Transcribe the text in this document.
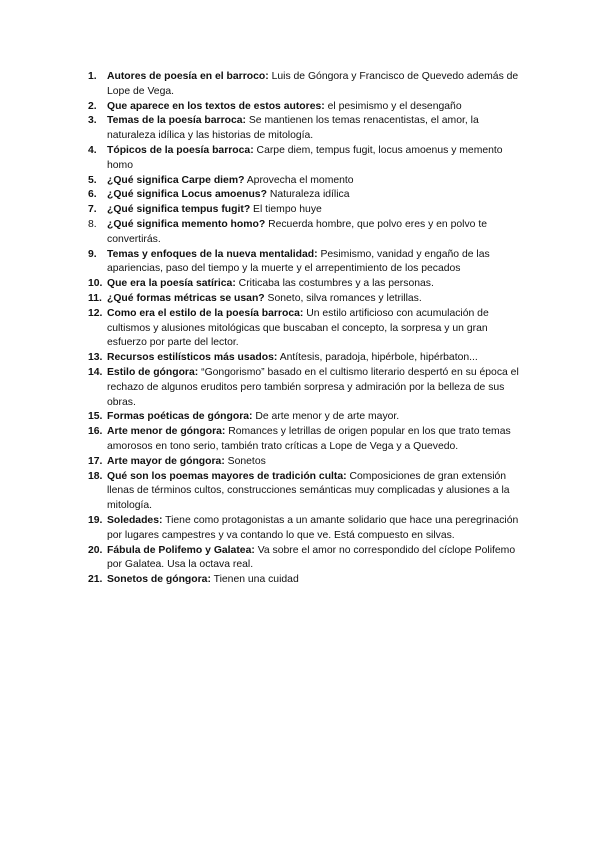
1. Autores de poesía en el barroco: Luis de Góngora y Francisco de Quevedo además de Lope de Vega.
2. Que aparece en los textos de estos autores: el pesimismo y el desengaño
3. Temas de la poesía barroca: Se mantienen los temas renacentistas, el amor, la naturaleza idílica y las historias de mitología.
4. Tópicos de la poesía barroca: Carpe diem, tempus fugit, locus amoenus y memento homo
5. ¿Qué significa Carpe diem? Aprovecha el momento
6. ¿Qué significa Locus amoenus? Naturaleza idílica
7. ¿Qué significa tempus fugit? El tiempo huye
8. ¿Qué significa memento homo? Recuerda hombre, que polvo eres y en polvo te convertirás.
9. Temas y enfoques de la nueva mentalidad: Pesimismo, vanidad y engaño de las apariencias, paso del tiempo y la muerte y el arrepentimiento de los pecados
10. Que era la poesía satírica: Criticaba las costumbres y a las personas.
11. ¿Qué formas métricas se usan? Soneto, silva romances y letrillas.
12. Como era el estilo de la poesía barroca: Un estilo artificioso con acumulación de cultismos y alusiones mitológicas que buscaban el concepto, la sorpresa y un gran esfuerzo por parte del lector.
13. Recursos estilísticos más usados: Antítesis, paradoja, hipérbole, hipérbaton...
14. Estilo de góngora: “Gongorismo” basado en el cultismo literario despertó en su época el rechazo de algunos eruditos pero también sorpresa y admiración por la belleza de sus obras.
15. Formas poéticas de góngora: De arte menor y de arte mayor.
16. Arte menor de góngora: Romances y letrillas de origen popular en los que trato temas amorosos en tono serio, también trato críticas a Lope de Vega y a Quevedo.
17. Arte mayor de góngora: Sonetos
18. Qué son los poemas mayores de tradición culta: Composiciones de gran extensión llenas de términos cultos, construcciones semánticas muy complicadas y alusiones a la mitología.
19. Soledades: Tiene como protagonistas a un amante solidario que hace una peregrinación por lugares campestres y va contando lo que ve. Está compuesto en silvas.
20. Fábula de Polifemo y Galatea: Va sobre el amor no correspondido del cíclope Polifemo por Galatea. Usa la octava real.
21. Sonetos de góngora: Tienen una cuidad
